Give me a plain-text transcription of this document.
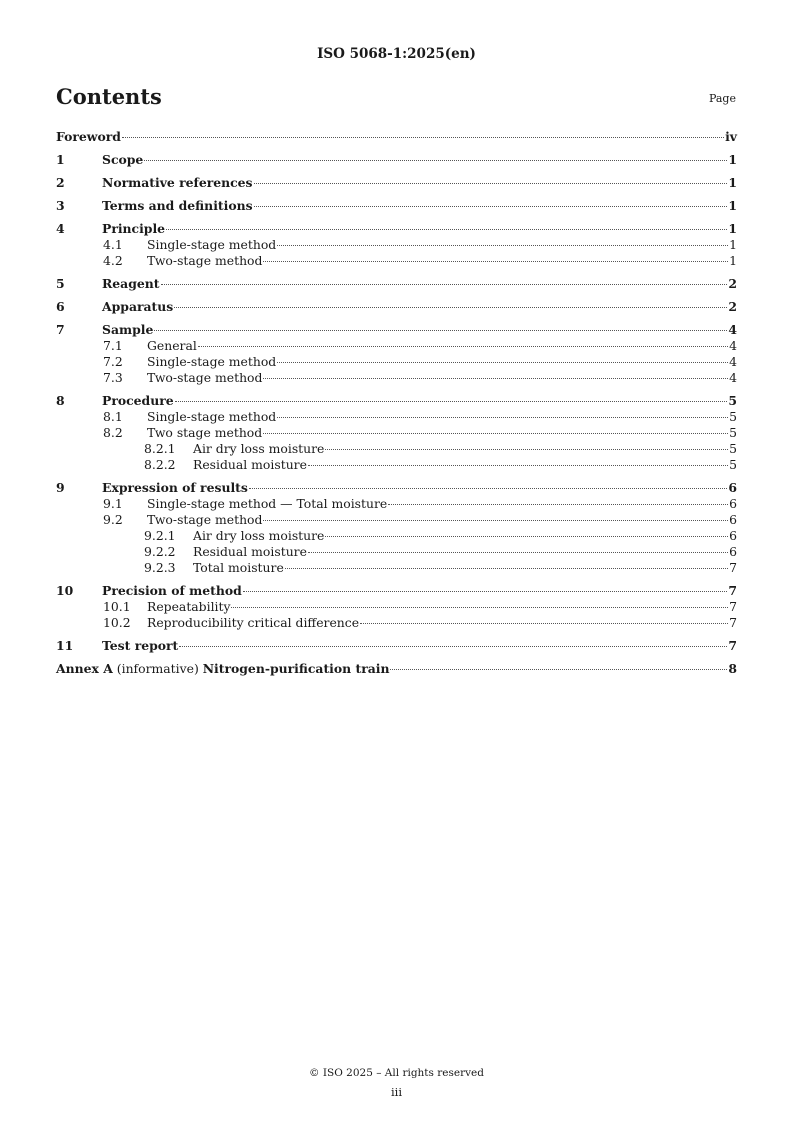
ISO 5068-1:2025(en)
Contents	Page
Foreword	iv
1	Scope	1
2	Normative references	1
3	Terms and definitions	1
4	Principle	1
4.1	Single-stage method	1
4.2	Two-stage method	1
5	Reagent	2
6	Apparatus	2
7	Sample	4
7.1	General	4
7.2	Single-stage method	4
7.3	Two-stage method	4
8	Procedure	5
8.1	Single-stage method	5
8.2	Two stage method	5
8.2.1	Air dry loss moisture	5
8.2.2	Residual moisture	5
9	Expression of results	6
9.1	Single-stage method — Total moisture	6
9.2	Two-stage method	6
9.2.1	Air dry loss moisture	6
9.2.2	Residual moisture	6
9.2.3	Total moisture	7
10	Precision of method	7
10.1	Repeatability	7
10.2	Reproducibility critical difference	7
11	Test report	7
Annex A (informative) Nitrogen-purification train	8
© ISO 2025 – All rights reserved
iii
